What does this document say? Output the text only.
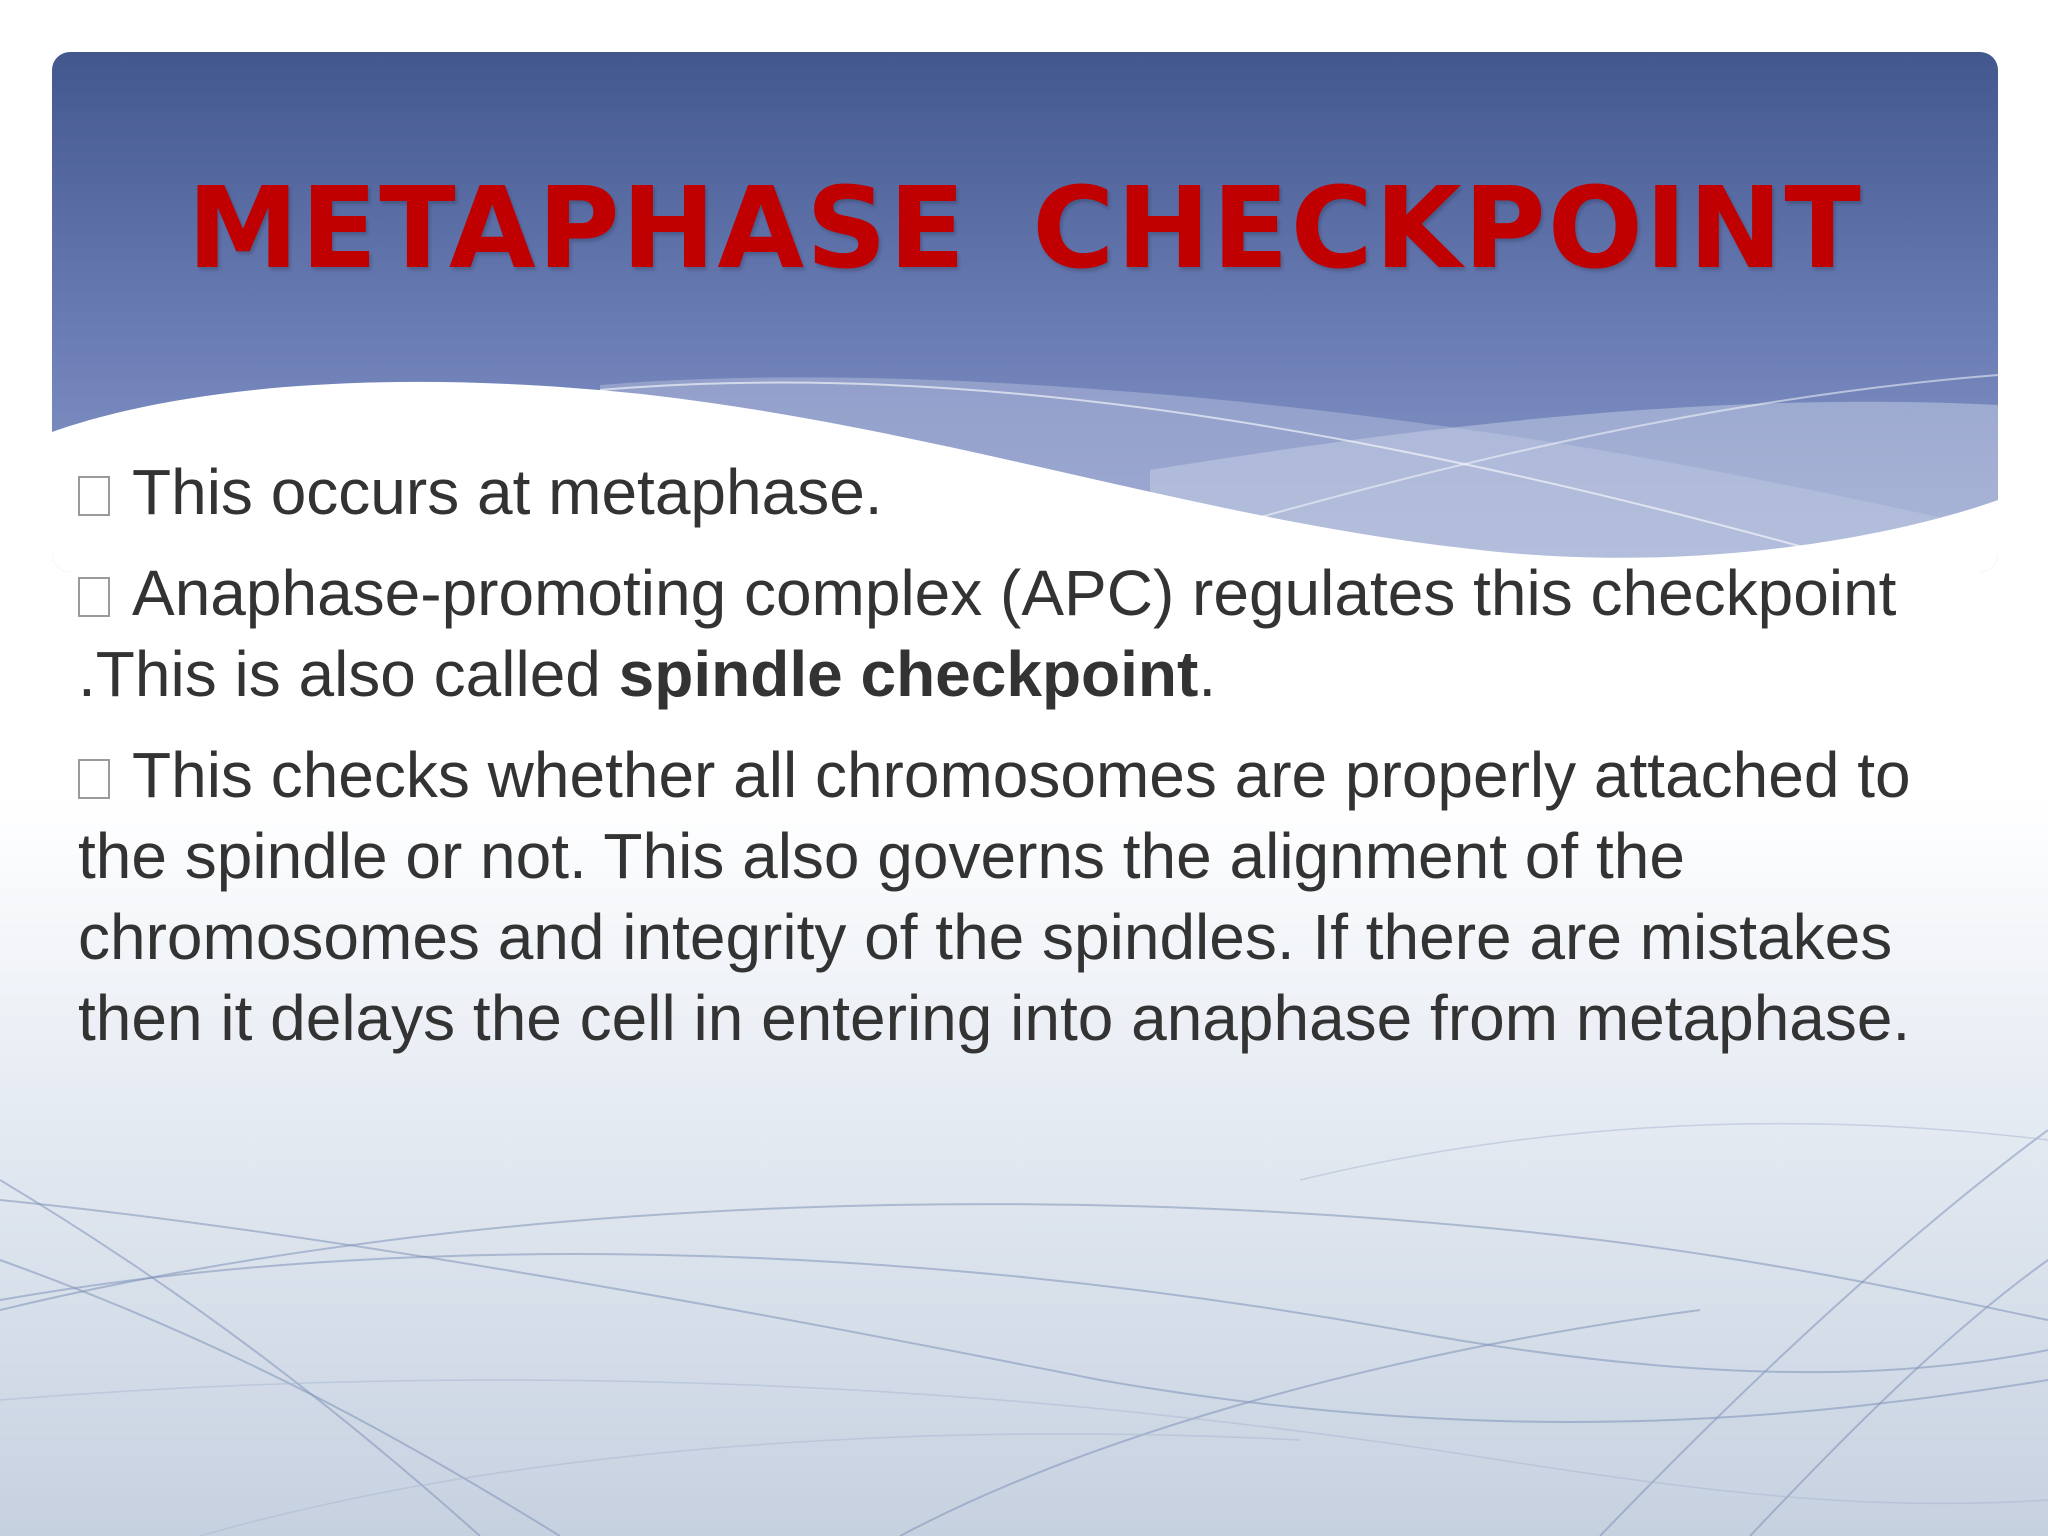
METAPHASE CHECKPOINT

This occurs at metaphase.

Anaphase-promoting complex (APC) regulates this checkpoint .This is also called spindle checkpoint.

This checks whether all chromosomes are properly attached to the spindle or not. This also governs the alignment of the chromosomes and integrity of the spindles. If there are mistakes then it delays the cell in entering into anaphase from metaphase.
